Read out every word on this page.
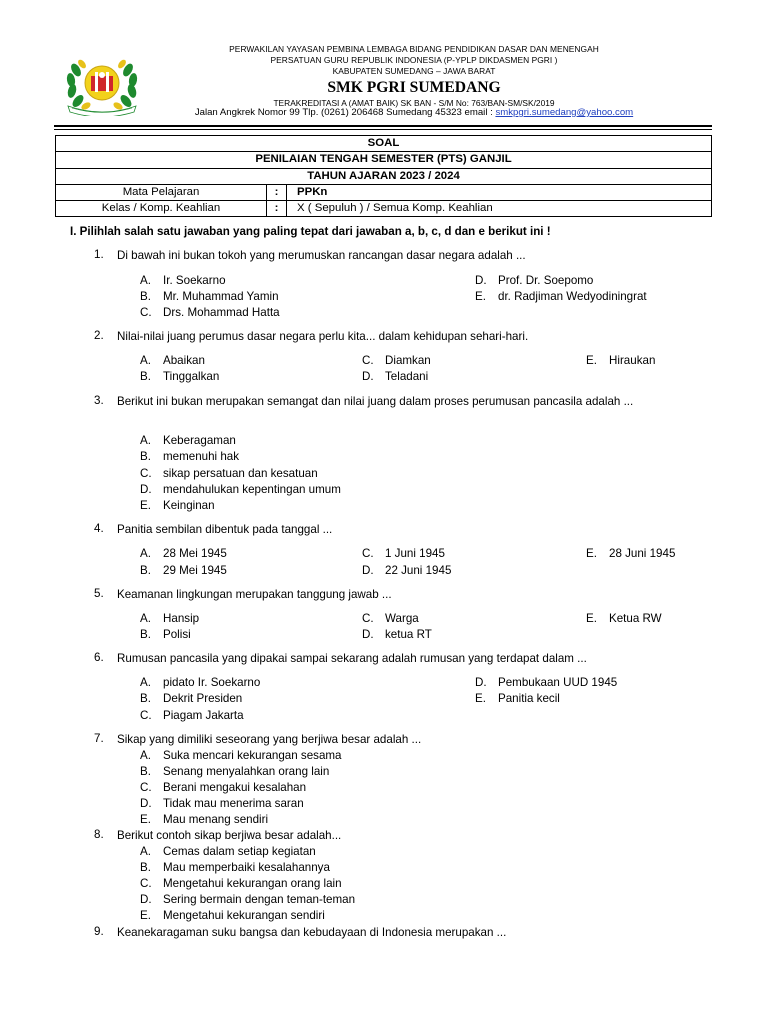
PERWAKILAN YAYASAN PEMBINA LEMBAGA BIDANG PENDIDIKAN DASAR DAN MENENGAH
PERSATUAN GURU REPUBLIK INDONESIA (P-YPLP DIKDASMEN PGRI )
KABUPATEN SUMEDANG – JAWA BARAT
SMK PGRI SUMEDANG
TERAKREDITASI A (AMAT BAIK) SK BAN - S/M No: 763/BAN-SM/SK/2019
Jalan Angkrek Nomor 99 Tlp. (0261) 206468 Sumedang 45323 email : smkpgri.sumedang@yahoo.com
SOAL		
PENILAIAN TENGAH SEMESTER (PTS) GANJIL		
TAHUN AJARAN 2023 / 2024		
Mata Pelajaran	:	PPKn
Kelas / Komp. Keahlian	:	X ( Sepuluh ) / Semua Komp. Keahlian
I. Pilihlah salah satu jawaban yang paling tepat dari jawaban a, b, c, d dan e berikut ini !
1. Di bawah ini bukan tokoh yang merumuskan rancangan dasar negara adalah ...
A. Ir. Soekarno
B. Mr. Muhammad Yamin
C. Drs. Mohammad Hatta
D. Prof. Dr. Soepomo
E. dr. Radjiman Wedyodiningrat
2. Nilai-nilai juang perumus dasar negara perlu kita... dalam kehidupan sehari-hari.
A. Abaikan
B. Tinggalkan
C. Diamkan
D. Teladani
E. Hiraukan
3. Berikut ini bukan merupakan semangat dan nilai juang dalam proses perumusan pancasila adalah ...
A. Keberagaman
B. memenuhi hak
C. sikap persatuan dan kesatuan
D. mendahulukan kepentingan umum
E. Keinginan
4. Panitia sembilan dibentuk pada tanggal ...
A. 28 Mei 1945
B. 29 Mei 1945
C. 1 Juni 1945
D. 22 Juni 1945
E. 28 Juni 1945
5. Keamanan lingkungan merupakan tanggung jawab ...
A. Hansip
B. Polisi
C. Warga
D. ketua RT
E. Ketua RW
6. Rumusan pancasila yang dipakai sampai sekarang adalah rumusan yang terdapat dalam ...
A. pidato Ir. Soekarno
B. Dekrit Presiden
C. Piagam Jakarta
D. Pembukaan UUD 1945
E. Panitia kecil
7. Sikap yang dimiliki seseorang yang berjiwa besar adalah ...
A. Suka mencari kekurangan sesama
B. Senang menyalahkan orang lain
C. Berani mengakui kesalahan
D. Tidak mau menerima saran
E. Mau menang sendiri
8. Berikut contoh sikap berjiwa besar adalah...
A. Cemas dalam setiap kegiatan
B. Mau memperbaiki kesalahannya
C. Mengetahui kekurangan orang lain
D. Sering bermain dengan teman-teman
E. Mengetahui kekurangan sendiri
9. Keanekaragaman suku bangsa dan kebudayaan di Indonesia merupakan ...
